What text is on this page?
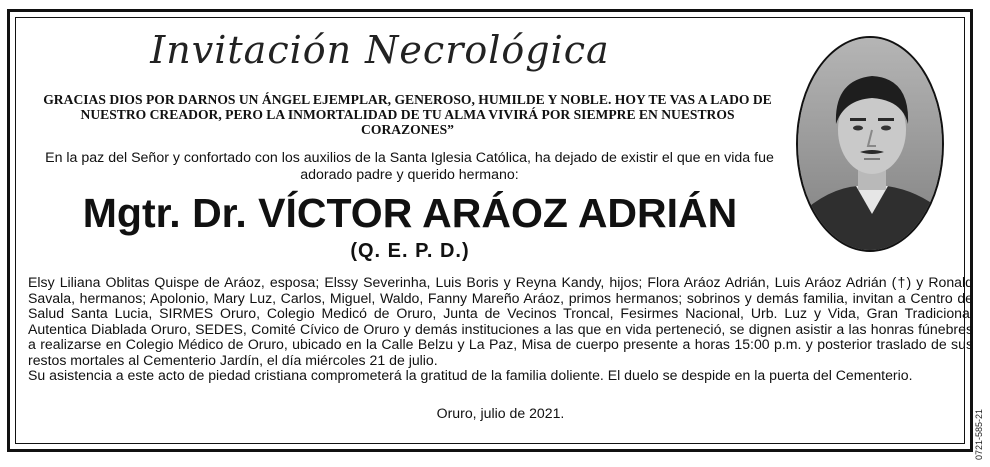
Invitación Necrológica
GRACIAS DIOS POR DARNOS UN ÁNGEL EJEMPLAR, GENEROSO, HUMILDE Y NOBLE. HOY TE VAS A LADO DE NUESTRO CREADOR, PERO LA INMORTALIDAD DE TU ALMA VIVIRÁ POR SIEMPRE EN NUESTROS CORAZONES”
En la paz del Señor y confortado con los auxilios de la Santa Iglesia Católica, ha dejado de existir el que en vida fue adorado padre y querido hermano:
Mgtr. Dr. VÍCTOR ARÁOZ ADRIÁN
(Q. E. P. D.)

Elsy Liliana Oblitas Quispe de Aráoz, esposa; Elssy Severinha, Luis Boris y Reyna Kandy, hijos; Flora Aráoz Adrián, Luis Aráoz Adrián (†) y Ronald Savala, hermanos; Apolonio, Mary Luz, Carlos, Miguel, Waldo, Fanny Mareño Aráoz, primos hermanos; sobrinos y demás familia, invitan a Centro de Salud Santa Lucia, SIRMES Oruro, Colegio Medicó de Oruro, Junta de Vecinos Troncal, Fesirmes Nacional, Urb. Luz y Vida, Gran Tradicional Autentica Diablada Oruro, SEDES, Comité Cívico de Oruro y demás instituciones a las que en vida perteneció, se dignen asistir a las honras fúnebres a realizarse en Colegio Médico de Oruro, ubicado en la Calle Belzu y La Paz, Misa de cuerpo presente a horas 15:00 p.m. y posterior traslado de sus restos mortales al Cementerio Jardín, el día miércoles 21 de julio.

Su asistencia a este acto de piedad cristiana comprometerá la gratitud de la familia doliente. El duelo se despide en la puerta del Cementerio.

Oruro, julio de 2021.	0721-585-21
